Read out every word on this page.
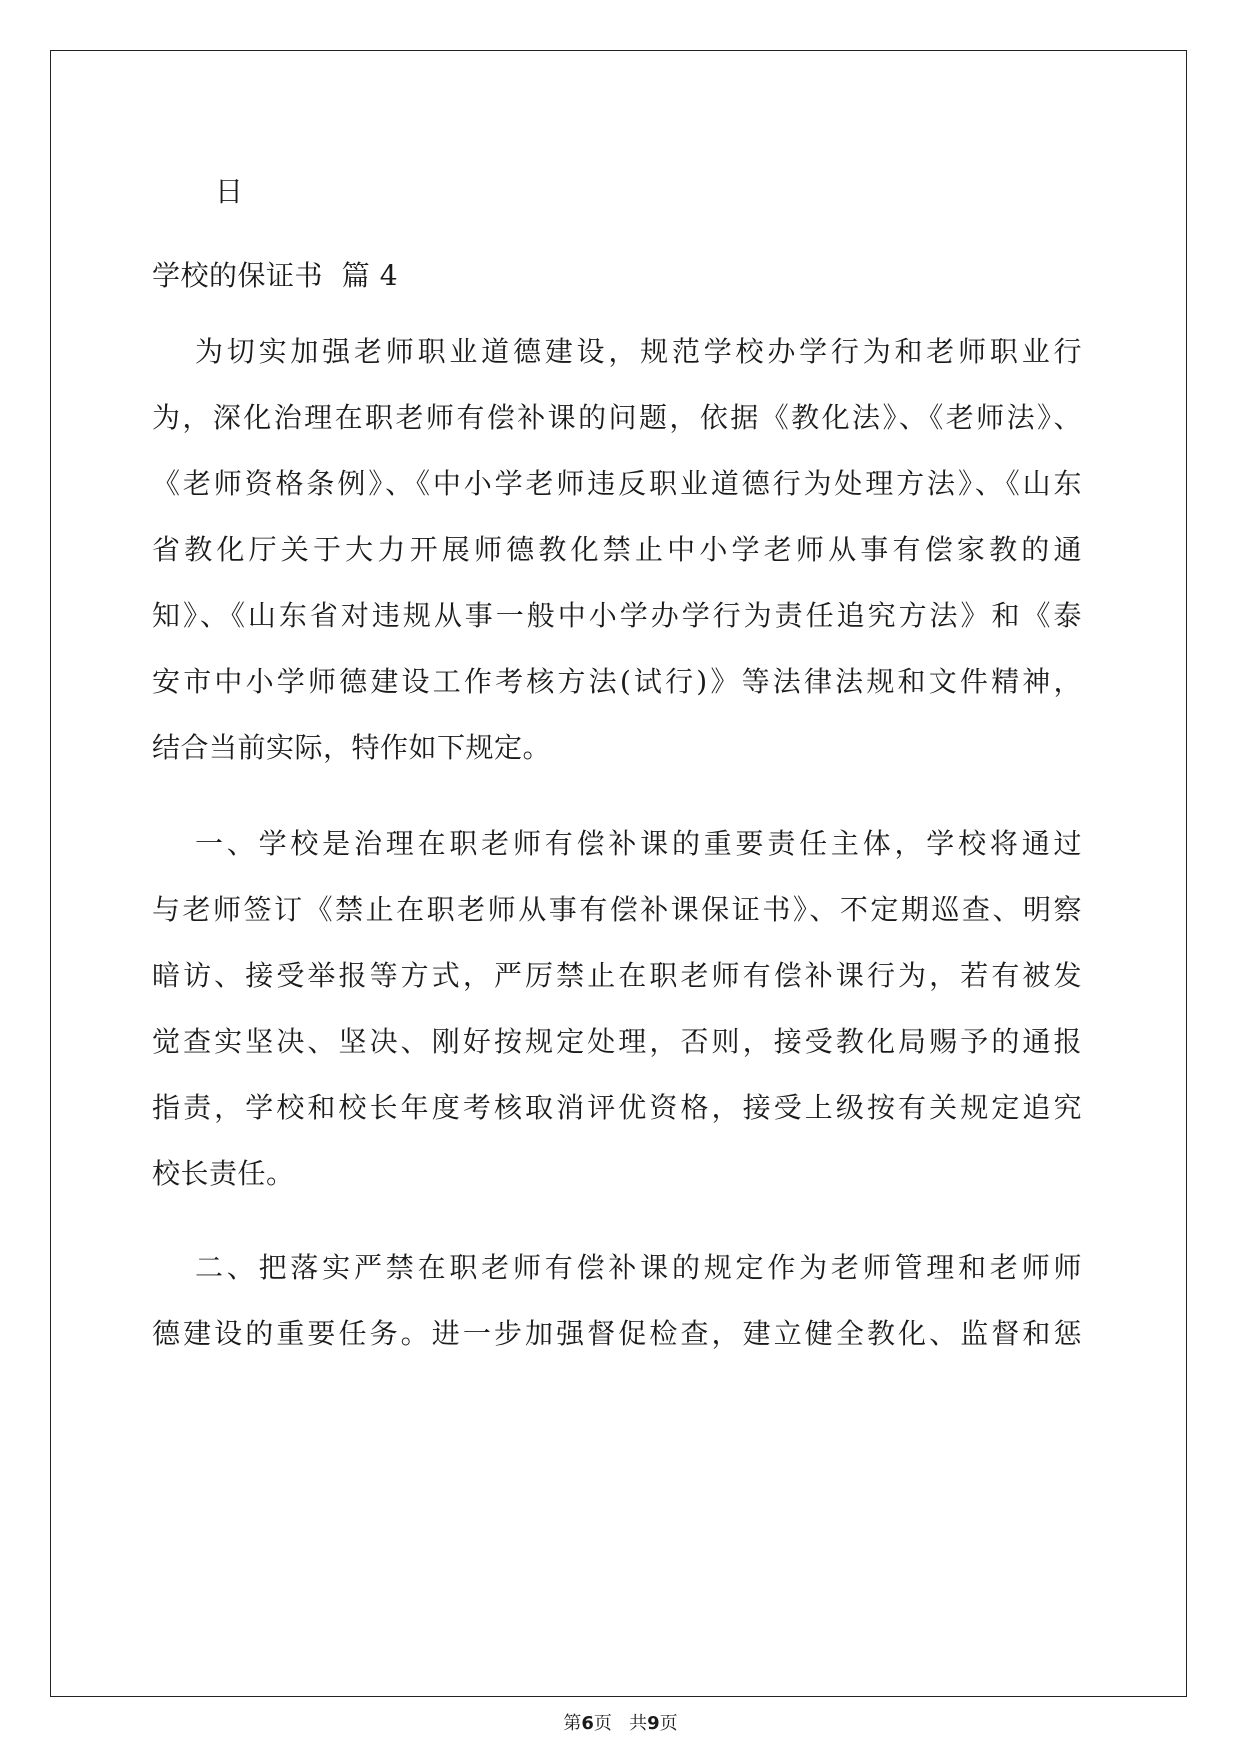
日
学校的保证书  篇 4
为切实加强老师职业道德建设，规范学校办学行为和老师职业行
为，深化治理在职老师有偿补课的问题，依据《教化法》、《老师法》、
《老师资格条例》、《中小学老师违反职业道德行为处理方法》、《山东
省教化厅关于大力开展师德教化禁止中小学老师从事有偿家教的通
知》、《山东省对违规从事一般中小学办学行为责任追究方法》和《泰
安市中小学师德建设工作考核方法(试行)》等法律法规和文件精神，
结合当前实际，特作如下规定。
一、学校是治理在职老师有偿补课的重要责任主体，学校将通过
与老师签订《禁止在职老师从事有偿补课保证书》、不定期巡查、明察
暗访、接受举报等方式，严厉禁止在职老师有偿补课行为，若有被发
觉查实坚决、坚决、刚好按规定处理，否则，接受教化局赐予的通报
指责，学校和校长年度考核取消评优资格，接受上级按有关规定追究
校长责任。
二、把落实严禁在职老师有偿补课的规定作为老师管理和老师师
德建设的重要任务。进一步加强督促检查，建立健全教化、监督和惩
第6页 共9页
